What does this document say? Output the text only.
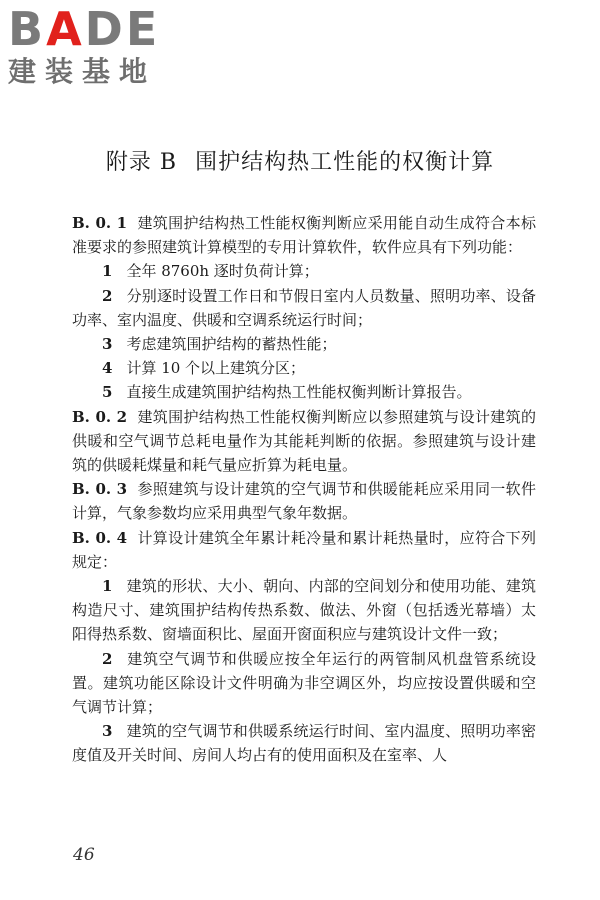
BADE
建装基地
附录 B 围护结构热工性能的权衡计算

B. 0. 1 建筑围护结构热工性能权衡判断应采用能自动生成符合本标准要求的参照建筑计算模型的专用计算软件，软件应具有下列功能：

1 全年 8760h 逐时负荷计算；

2 分别逐时设置工作日和节假日室内人员数量、照明功率、设备功率、室内温度、供暖和空调系统运行时间；

3 考虑建筑围护结构的蓄热性能；

4 计算 10 个以上建筑分区；

5 直接生成建筑围护结构热工性能权衡判断计算报告。

B. 0. 2 建筑围护结构热工性能权衡判断应以参照建筑与设计建筑的供暖和空气调节总耗电量作为其能耗判断的依据。参照建筑与设计建筑的供暖耗煤量和耗气量应折算为耗电量。

B. 0. 3 参照建筑与设计建筑的空气调节和供暖能耗应采用同一软件计算，气象参数均应采用典型气象年数据。

B. 0. 4 计算设计建筑全年累计耗冷量和累计耗热量时，应符合下列规定：

1 建筑的形状、大小、朝向、内部的空间划分和使用功能、建筑构造尺寸、建筑围护结构传热系数、做法、外窗（包括透光幕墙）太阳得热系数、窗墙面积比、屋面开窗面积应与建筑设计文件一致；

2 建筑空气调节和供暖应按全年运行的两管制风机盘管系统设置。建筑功能区除设计文件明确为非空调区外，均应按设置供暖和空气调节计算；

3 建筑的空气调节和供暖系统运行时间、室内温度、照明功率密度值及开关时间、房间人均占有的使用面积及在室率、人

46
